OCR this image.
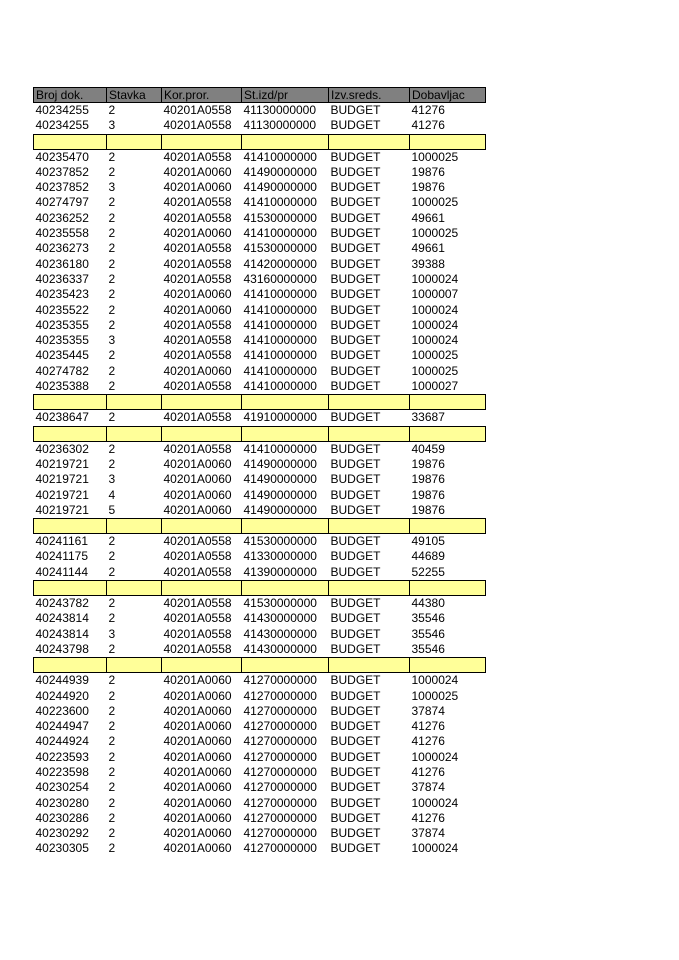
Broj dok.	Stavka	Kor.pror.	St.izd/pr	Izv.sreds.	Dobavljac
40234255	2	40201A0558	41130000000	BUDGET	41276
40234255	3	40201A0558	41130000000	BUDGET	41276

40235470	2	40201A0558	41410000000	BUDGET	1000025
40237852	2	40201A0060	41490000000	BUDGET	19876
40237852	3	40201A0060	41490000000	BUDGET	19876
40274797	2	40201A0558	41410000000	BUDGET	1000025
40236252	2	40201A0558	41530000000	BUDGET	49661
40235558	2	40201A0060	41410000000	BUDGET	1000025
40236273	2	40201A0558	41530000000	BUDGET	49661
40236180	2	40201A0558	41420000000	BUDGET	39388
40236337	2	40201A0558	43160000000	BUDGET	1000024
40235423	2	40201A0060	41410000000	BUDGET	1000007
40235522	2	40201A0060	41410000000	BUDGET	1000024
40235355	2	40201A0558	41410000000	BUDGET	1000024
40235355	3	40201A0558	41410000000	BUDGET	1000024
40235445	2	40201A0558	41410000000	BUDGET	1000025
40274782	2	40201A0060	41410000000	BUDGET	1000025
40235388	2	40201A0558	41410000000	BUDGET	1000027

40238647	2	40201A0558	41910000000	BUDGET	33687

40236302	2	40201A0558	41410000000	BUDGET	40459
40219721	2	40201A0060	41490000000	BUDGET	19876
40219721	3	40201A0060	41490000000	BUDGET	19876
40219721	4	40201A0060	41490000000	BUDGET	19876
40219721	5	40201A0060	41490000000	BUDGET	19876

40241161	2	40201A0558	41530000000	BUDGET	49105
40241175	2	40201A0558	41330000000	BUDGET	44689
40241144	2	40201A0558	41390000000	BUDGET	52255

40243782	2	40201A0558	41530000000	BUDGET	44380
40243814	2	40201A0558	41430000000	BUDGET	35546
40243814	3	40201A0558	41430000000	BUDGET	35546
40243798	2	40201A0558	41430000000	BUDGET	35546

40244939	2	40201A0060	41270000000	BUDGET	1000024
40244920	2	40201A0060	41270000000	BUDGET	1000025
40223600	2	40201A0060	41270000000	BUDGET	37874
40244947	2	40201A0060	41270000000	BUDGET	41276
40244924	2	40201A0060	41270000000	BUDGET	41276
40223593	2	40201A0060	41270000000	BUDGET	1000024
40223598	2	40201A0060	41270000000	BUDGET	41276
40230254	2	40201A0060	41270000000	BUDGET	37874
40230280	2	40201A0060	41270000000	BUDGET	1000024
40230286	2	40201A0060	41270000000	BUDGET	41276
40230292	2	40201A0060	41270000000	BUDGET	37874
40230305	2	40201A0060	41270000000	BUDGET	1000024
